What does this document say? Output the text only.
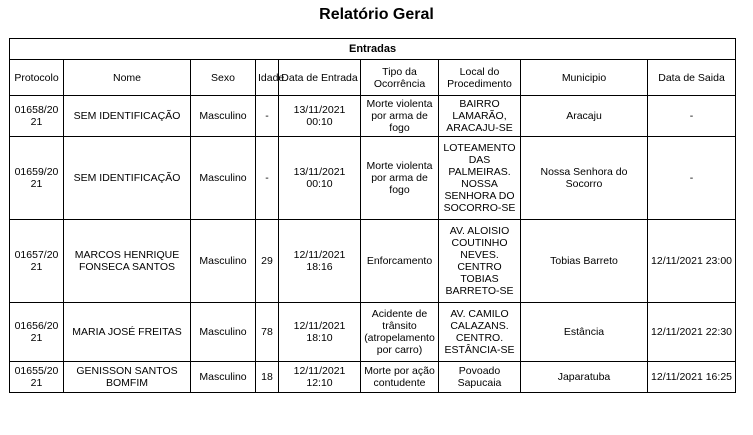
Relatório Geral
Entradas								
Protocolo	Nome	Sexo	Idade	Data de Entrada	Tipo da Ocorrência	Local do Procedimento	Municipio	Data de Saida
01658/2021	SEM IDENTIFICAÇÃO	Masculino	-	13/11/2021 00:10	Morte violenta por arma de fogo	BAIRRO LAMARÃO, ARACAJU-SE	Aracaju	-
01659/2021	SEM IDENTIFICAÇÃO	Masculino	-	13/11/2021 00:10	Morte violenta por arma de fogo	LOTEAMENTO DAS PALMEIRAS. NOSSA SENHORA DO SOCORRO-SE	Nossa Senhora do Socorro	-
01657/2021	MARCOS HENRIQUE FONSECA SANTOS	Masculino	29	12/11/2021 18:16	Enforcamento	AV. ALOISIO COUTINHO NEVES. CENTRO TOBIAS BARRETO-SE	Tobias Barreto	12/11/2021 23:00
01656/2021	MARIA JOSÉ FREITAS	Masculino	78	12/11/2021 18:10	Acidente de trânsito (atropelamento por carro)	AV. CAMILO CALAZANS. CENTRO. ESTÂNCIA-SE	Estância	12/11/2021 22:30
01655/2021	GENISSON SANTOS BOMFIM	Masculino	18	12/11/2021 12:10	Morte por ação contudente	Povoado Sapucaia	Japaratuba	12/11/2021 16:25
